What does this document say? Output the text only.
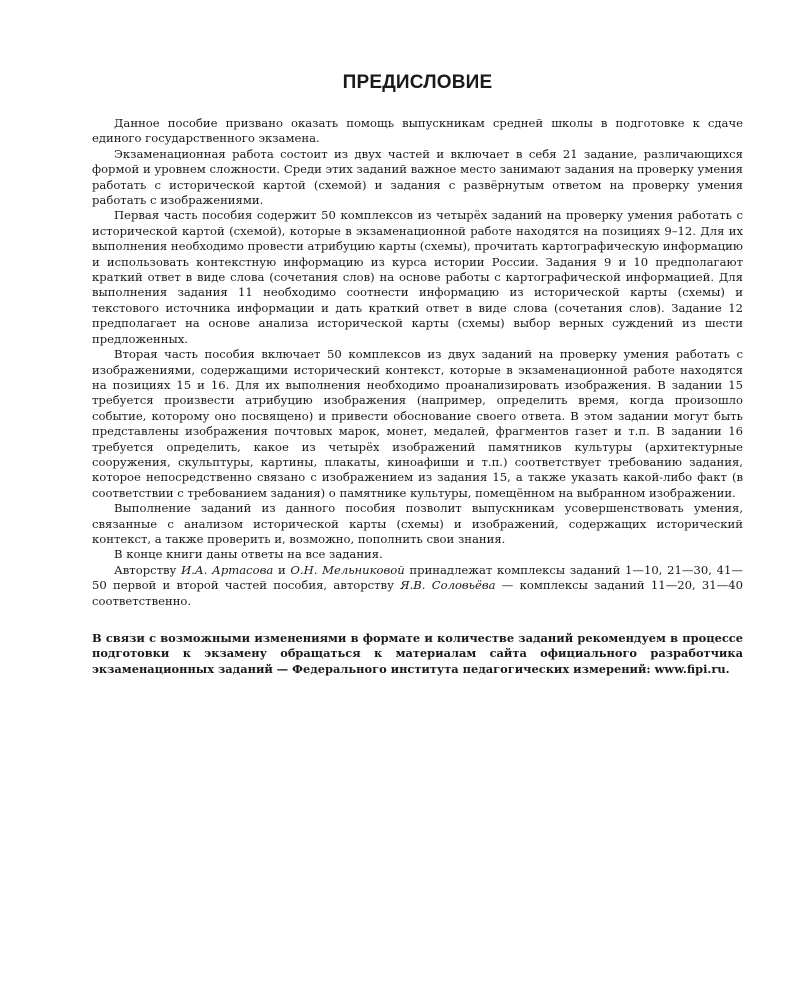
ПРЕДИСЛОВИЕ

Данное пособие призвано оказать помощь выпускникам средней школы в подготовке к сдаче единого государственного экзамена.

Экзаменационная работа состоит из двух частей и включает в себя 21 задание, различающихся формой и уровнем сложности. Среди этих заданий важное место занимают задания на проверку умения работать с исторической картой (схемой) и задания с развёрнутым ответом на проверку умения работать с изображениями.

Первая часть пособия содержит 50 комплексов из четырёх заданий на проверку умения работать с исторической картой (схемой), которые в экзаменационной работе находятся на позициях 9–12. Для их выполнения необходимо провести атрибуцию карты (схемы), прочитать картографическую информацию и использовать контекстную информацию из курса истории России. Задания 9 и 10 предполагают краткий ответ в виде слова (сочетания слов) на основе работы с картографической информацией. Для выполнения задания 11 необходимо соотнести информацию из исторической карты (схемы) и текстового источника информации и дать краткий ответ в виде слова (сочетания слов). Задание 12 предполагает на основе анализа исторической карты (схемы) выбор верных суждений из шести предложенных.

Вторая часть пособия включает 50 комплексов из двух заданий на проверку умения работать с изображениями, содержащими исторический контекст, которые в экзаменационной работе находятся на позициях 15 и 16. Для их выполнения необходимо проанализировать изображения. В задании 15 требуется произвести атрибуцию изображения (например, определить время, когда произошло событие, которому оно посвящено) и привести обоснование своего ответа. В этом задании могут быть представлены изображения почтовых марок, монет, медалей, фрагментов газет и т.п. В задании 16 требуется определить, какое из четырёх изображений памятников культуры (архитектурные сооружения, скульптуры, картины, плакаты, киноафиши и т.п.) соответствует требованию задания, которое непосредственно связано с изображением из задания 15, а также указать какой-либо факт (в соответствии с требованием задания) о памятнике культуры, помещённом на выбранном изображении.

Выполнение заданий из данного пособия позволит выпускникам усовершенствовать умения, связанные с анализом исторической карты (схемы) и изображений, содержащих исторический контекст, а также проверить и, возможно, пополнить свои знания.

В конце книги даны ответы на все задания.

Авторству И.А. Артасова и О.Н. Мельниковой принадлежат комплексы заданий 1—10, 21—30, 41—50 первой и второй частей пособия, авторству Я.В. Соловьёва — комплексы заданий 11—20, 31—40 соответственно.

В связи с возможными изменениями в формате и количестве заданий рекомендуем в процессе подготовки к экзамену обращаться к материалам сайта официального разработчика экзаменационных заданий — Федерального института педагогических измерений: www.fipi.ru.
